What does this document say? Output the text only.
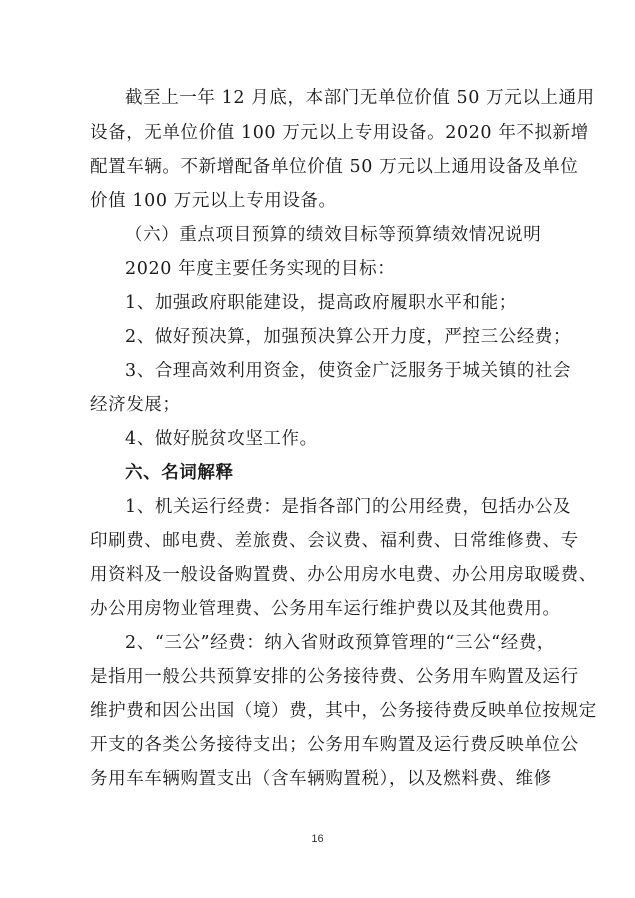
截至上一年 12 月底，本部门无单位价值 50 万元以上通用
设备，无单位价值 100 万元以上专用设备。2020 年不拟新增
配置车辆。不新增配备单位价值 50 万元以上通用设备及单位
价值 100 万元以上专用设备。
（六）重点项目预算的绩效目标等预算绩效情况说明
2020 年度主要任务实现的目标：
1、加强政府职能建设，提高政府履职水平和能；
2、做好预决算，加强预决算公开力度，严控三公经费；
3、合理高效利用资金，使资金广泛服务于城关镇的社会
经济发展；
4、做好脱贫攻坚工作。
六、名词解释
1、机关运行经费：是指各部门的公用经费，包括办公及
印刷费、邮电费、差旅费、会议费、福利费、日常维修费、专
用资料及一般设备购置费、办公用房水电费、办公用房取暖费、
办公用房物业管理费、公务用车运行维护费以及其他费用。
2、“三公”经费：纳入省财政预算管理的“三公“经费，
是指用一般公共预算安排的公务接待费、公务用车购置及运行
维护费和因公出国（境）费，其中，公务接待费反映单位按规定
开支的各类公务接待支出；公务用车购置及运行费反映单位公
务用车车辆购置支出（含车辆购置税），以及燃料费、维修
16
